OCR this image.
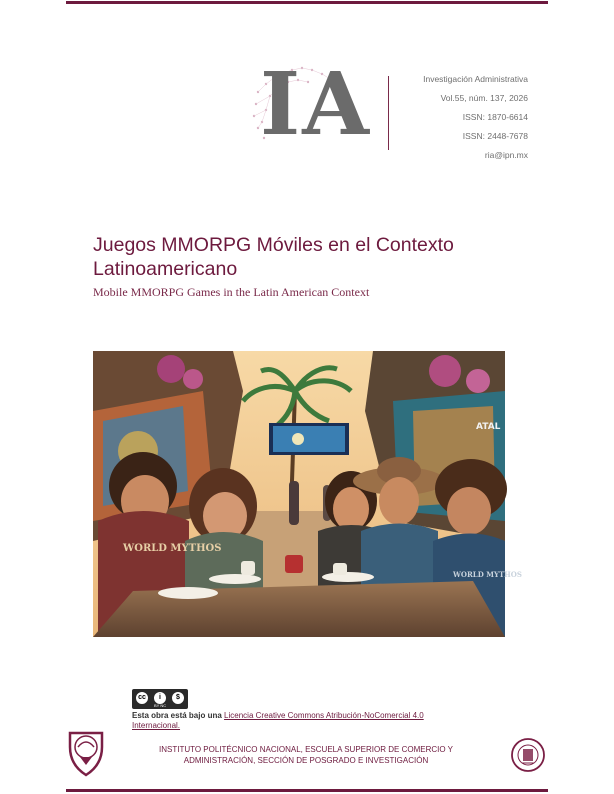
IA	Investigación Administrativa
Vol.55, núm. 137, 2026
ISSN: 1870-6614
ISSN: 2448-7678
ria@ipn.mx
Juegos MMORPG Móviles en el Contexto Latinoamericano
Mobile MMORPG Games in the Latin American Context
WORLD MYTHOS
WORLD MYTHOS
ATAL
cc	i	$
BY NC
Esta obra está bajo una Licencia Creative Commons Atribución-NoComercial 4.0 Internacional.
INSTITUTO POLITÉCNICO NACIONAL, ESCUELA SUPERIOR DE COMERCIO Y
ADMINISTRACIÓN, SECCIÓN DE POSGRADO E INVESTIGACIÓN
